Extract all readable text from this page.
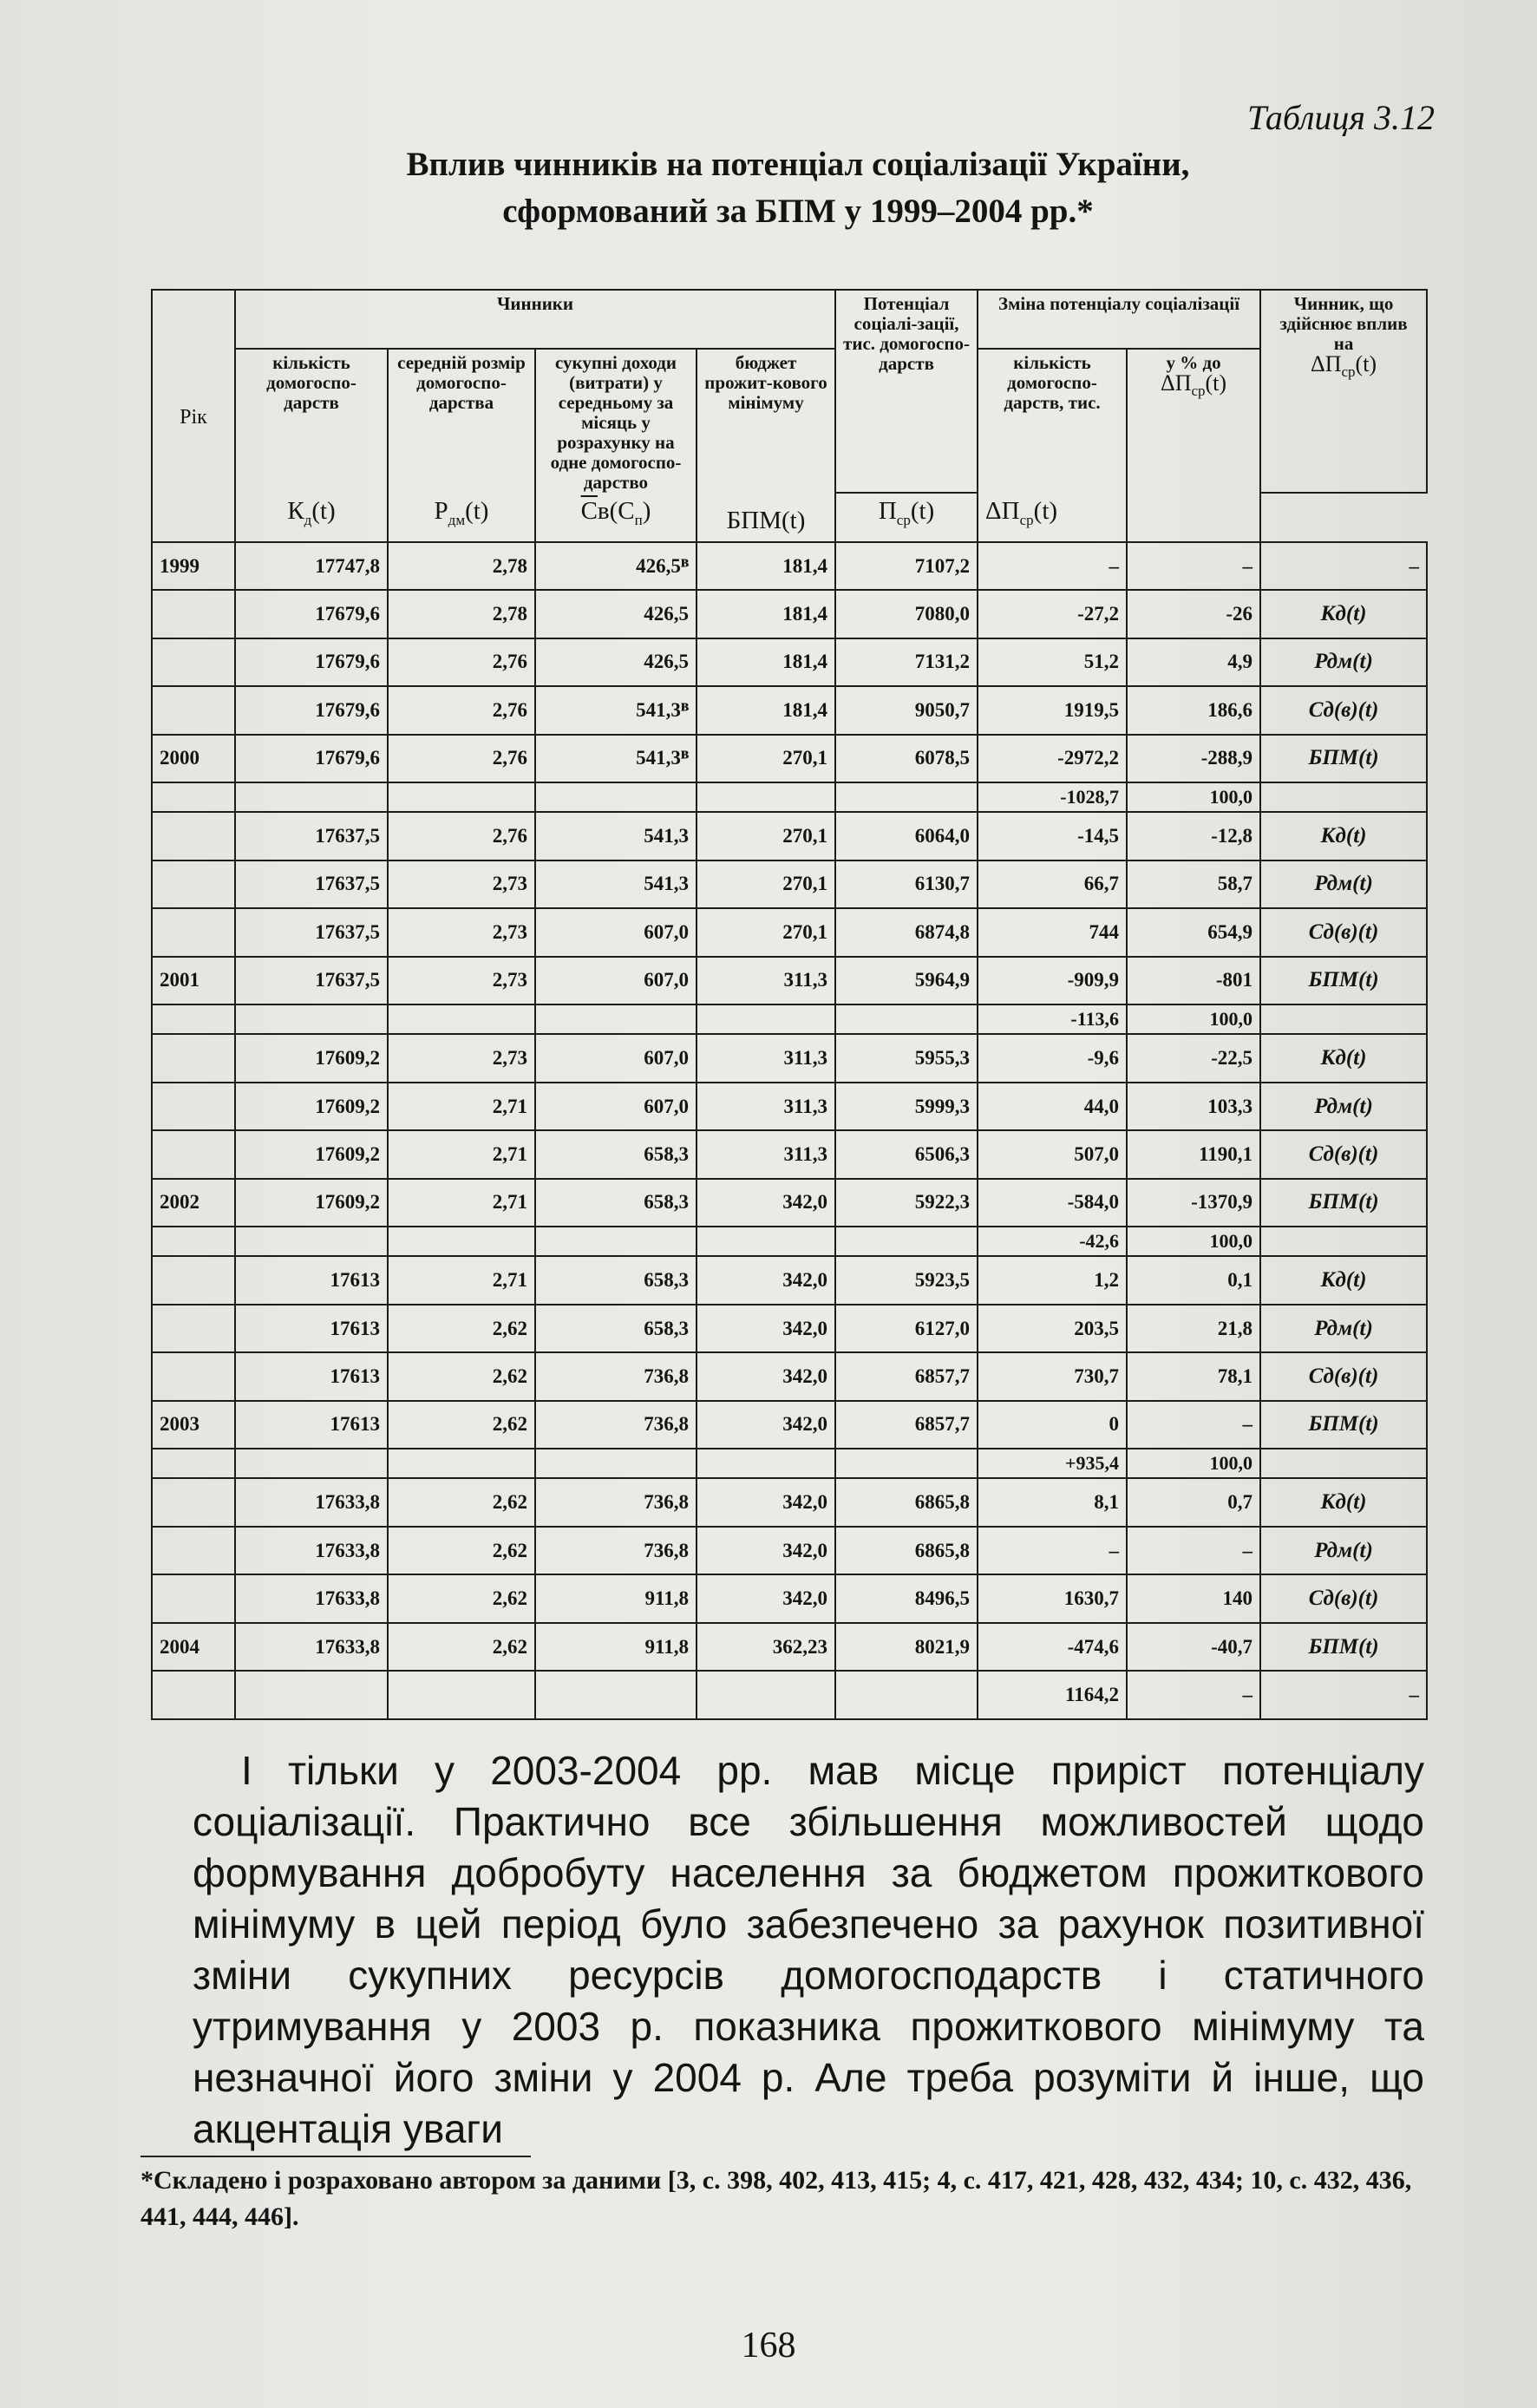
Таблиця 3.12
Вплив чинників на потенціал соціалізації України,
сформований за БПМ у 1999–2004 рр.*
Рік	Чинники				Потенціал соціалі-зації, тис. домогоспо-дарств	Зміна потенціалу соціалізації		Чинник, що здійснює вплив на
$\Delta П_{ср}(t)$
	кількість домогоспо-дарств	середній розмір домогоспо-дарства	сукупні доходи (витрати) у середньому за місяць у розрахунку на одне домогоспо-дарство	бюджет прожит-кового мінімуму		кількість домогоспо-дарств, тис.	у % до
$\Delta П_{ср}(t)$	
	$К_д(t)$	$Р_{дм}(t)$	$Св(С_п)$	БПМ(t)	$П_{ср}(t)$	$\Delta П_{ср}(t)$		
1999	17747,8	2,78	426,5ᴮ	181,4	7107,2	–	–	–
	17679,6	2,78	426,5	181,4	7080,0	-27,2	-26	Кд(t)
	17679,6	2,76	426,5	181,4	7131,2	51,2	4,9	Рдм(t)
	17679,6	2,76	541,3ᴮ	181,4	9050,7	1919,5	186,6	Сд(в)(t)
2000	17679,6	2,76	541,3ᴮ	270,1	6078,5	-2972,2	-288,9	БПМ(t)
						-1028,7	100,0	
	17637,5	2,76	541,3	270,1	6064,0	-14,5	-12,8	Кд(t)
	17637,5	2,73	541,3	270,1	6130,7	66,7	58,7	Рдм(t)
	17637,5	2,73	607,0	270,1	6874,8	744	654,9	Сд(в)(t)
2001	17637,5	2,73	607,0	311,3	5964,9	-909,9	-801	БПМ(t)
						-113,6	100,0	
	17609,2	2,73	607,0	311,3	5955,3	-9,6	-22,5	Кд(t)
	17609,2	2,71	607,0	311,3	5999,3	44,0	103,3	Рдм(t)
	17609,2	2,71	658,3	311,3	6506,3	507,0	1190,1	Сд(в)(t)
2002	17609,2	2,71	658,3	342,0	5922,3	-584,0	-1370,9	БПМ(t)
						-42,6	100,0	
	17613	2,71	658,3	342,0	5923,5	1,2	0,1	Кд(t)
	17613	2,62	658,3	342,0	6127,0	203,5	21,8	Рдм(t)
	17613	2,62	736,8	342,0	6857,7	730,7	78,1	Сд(в)(t)
2003	17613	2,62	736,8	342,0	6857,7	0	–	БПМ(t)
						+935,4	100,0	
	17633,8	2,62	736,8	342,0	6865,8	8,1	0,7	Кд(t)
	17633,8	2,62	736,8	342,0	6865,8	–	–	Рдм(t)
	17633,8	2,62	911,8	342,0	8496,5	1630,7	140	Сд(в)(t)
2004	17633,8	2,62	911,8	362,23	8021,9	-474,6	-40,7	БПМ(t)
						1164,2	–	–

І тільки у 2003-2004 рр. мав місце приріст потенціалу соціалізації. Практично все збільшення можливостей щодо формування добробуту населення за бюджетом прожиткового мінімуму в цей період було забезпечено за рахунок позитивної зміни сукупних ресурсів домогосподарств і статичного утримування у 2003 р. показника прожиткового мінімуму та незначної його зміни у 2004 р. Але треба розуміти й інше, що акцентація уваги

*Складено і розраховано автором за даними [3, с. 398, 402, 413, 415; 4, с. 417, 421, 428, 432, 434; 10, с. 432, 436, 441, 444, 446].
168
